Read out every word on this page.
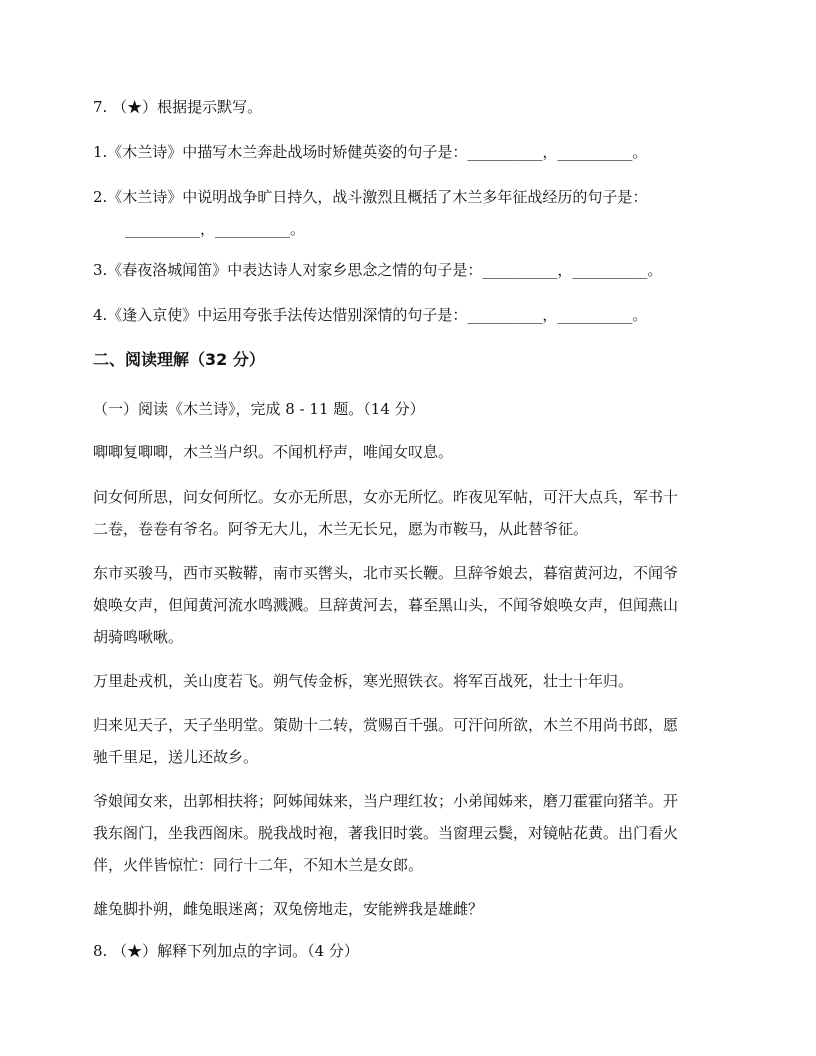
7. （★）根据提示默写。
1.《木兰诗》中描写木兰奔赴战场时矫健英姿的句子是：__________，__________。
2.《木兰诗》中说明战争旷日持久，战斗激烈且概括了木兰多年征战经历的句子是：
__________，__________。
3.《春夜洛城闻笛》中表达诗人对家乡思念之情的句子是：__________，__________。
4.《逢入京使》中运用夸张手法传达惜别深情的句子是：__________，__________。
二、阅读理解（32 分）
（一）阅读《木兰诗》，完成 8 - 11 题。（14 分）
唧唧复唧唧，木兰当户织。不闻机杼声，唯闻女叹息。
问女何所思，问女何所忆。女亦无所思，女亦无所忆。昨夜见军帖，可汗大点兵，军书十
二卷，卷卷有爷名。阿爷无大儿，木兰无长兄，愿为市鞍马，从此替爷征。
东市买骏马，西市买鞍鞯，南市买辔头，北市买长鞭。旦辞爷娘去，暮宿黄河边，不闻爷
娘唤女声，但闻黄河流水鸣溅溅。旦辞黄河去，暮至黑山头，不闻爷娘唤女声，但闻燕山
胡骑鸣啾啾。
万里赴戎机，关山度若飞。朔气传金柝，寒光照铁衣。将军百战死，壮士十年归。
归来见天子，天子坐明堂。策勋十二转，赏赐百千强。可汗问所欲，木兰不用尚书郎，愿
驰千里足，送儿还故乡。
爷娘闻女来，出郭相扶将；阿姊闻妹来，当户理红妆；小弟闻姊来，磨刀霍霍向猪羊。开
我东阁门，坐我西阁床。脱我战时袍，著我旧时裳。当窗理云鬓，对镜帖花黄。出门看火
伴，火伴皆惊忙：同行十二年，不知木兰是女郎。
雄兔脚扑朔，雌兔眼迷离；双兔傍地走，安能辨我是雄雌？
8. （★）解释下列加点的字词。（4 分）
